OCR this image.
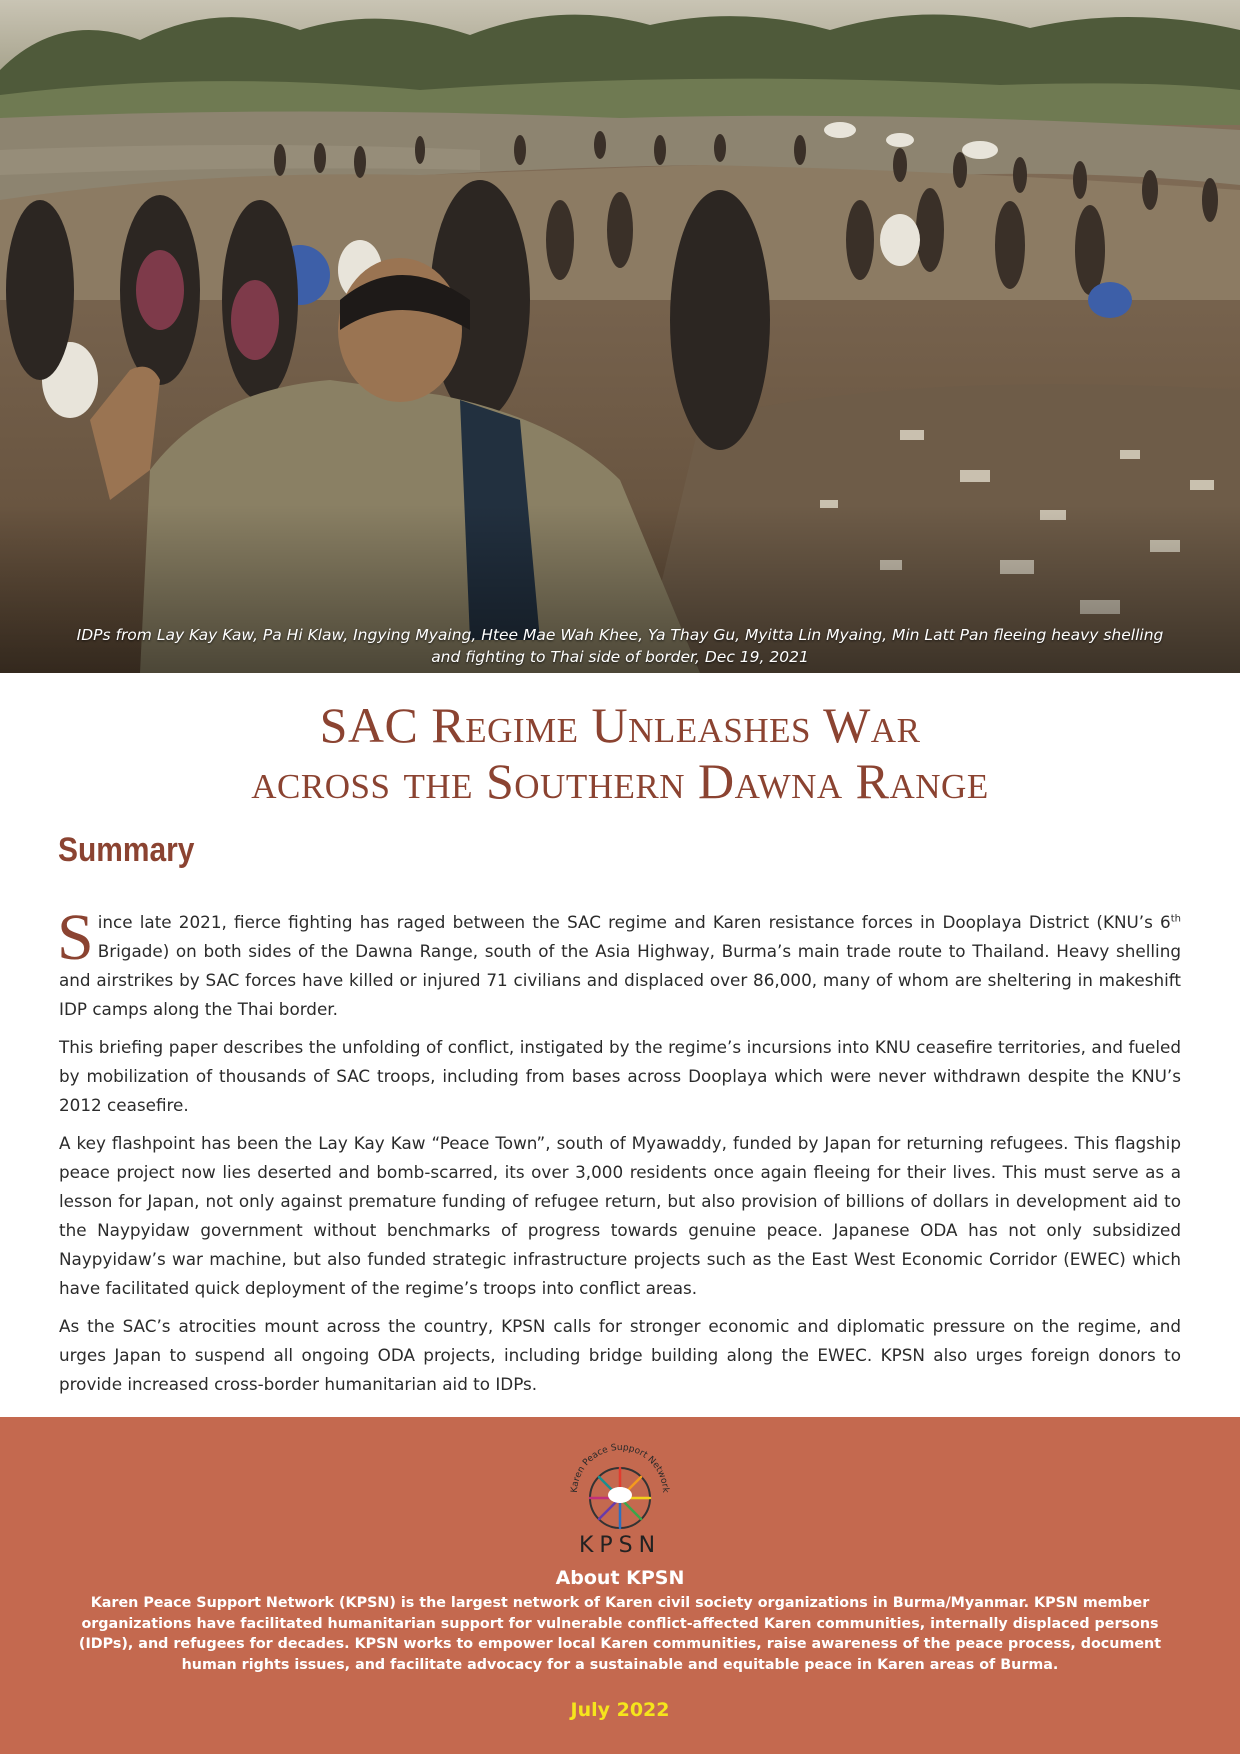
IDPs from Lay Kay Kaw, Pa Hi Klaw, Ingying Myaing, Htee Mae Wah Khee, Ya Thay Gu, Myitta Lin Myaing, Min Latt Pan fleeing heavy shelling
and fighting to Thai side of border, Dec 19, 2021
SAC Regime Unleashes War
across the Southern Dawna Range
Summary

Since late 2021, fierce fighting has raged between the SAC regime and Karen resistance forces in Dooplaya District (KNU’s 6th Brigade) on both sides of the Dawna Range, south of the Asia Highway, Burma’s main trade route to Thailand. Heavy shelling and airstrikes by SAC forces have killed or injured 71 civilians and displaced over 86,000, many of whom are sheltering in makeshift IDP camps along the Thai border.

This briefing paper describes the unfolding of conflict, instigated by the regime’s incursions into KNU ceasefire territories, and fueled by mobilization of thousands of SAC troops, including from bases across Dooplaya which were never withdrawn despite the KNU’s 2012 ceasefire.

A key flashpoint has been the Lay Kay Kaw “Peace Town”, south of Myawaddy, funded by Japan for returning refugees. This flagship peace project now lies deserted and bomb-scarred, its over 3,000 residents once again fleeing for their lives. This must serve as a lesson for Japan, not only against premature funding of refugee return, but also provision of billions of dollars in development aid to the Naypyidaw government without benchmarks of progress towards genuine peace. Japanese ODA has not only subsidized Naypyidaw’s war machine, but also funded strategic infrastructure projects such as the East West Economic Corridor (EWEC) which have facilitated quick deployment of the regime’s troops into conflict areas.

As the SAC’s atrocities mount across the country, KPSN calls for stronger economic and diplomatic pressure on the regime, and urges Japan to suspend all ongoing ODA projects, including bridge building along the EWEC. KPSN also urges foreign donors to provide increased cross-border humanitarian aid to IDPs.

Karen Peace Support Network
KPSN
About KPSN
Karen Peace Support Network (KPSN) is the largest network of Karen civil society organizations in Burma/Myanmar. KPSN member organizations have facilitated humanitarian support for vulnerable conflict-affected Karen communities, internally displaced persons (IDPs), and refugees for decades. KPSN works to empower local Karen communities, raise awareness of the peace process, document human rights issues, and facilitate advocacy for a sustainable and equitable peace in Karen areas of Burma.
July 2022
